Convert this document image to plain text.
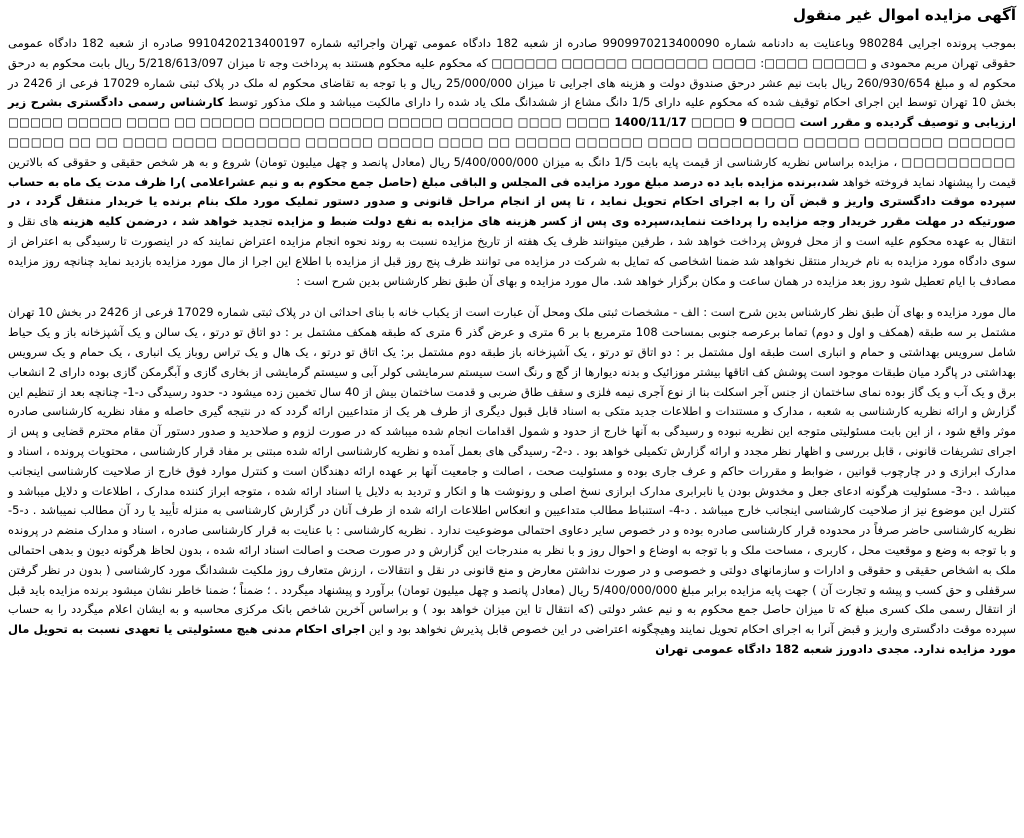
آگهی مزایده اموال غیر منقول
بموجب پرونده اجرایی 980284 وباعنایت به دادنامه شماره 9909970213400090 صادره از شعبه 182 دادگاه عمومی تهران واجرائیه شماره 9910420213400197 صادره از شعبه 182 دادگاه عمومی حقوقی تهران مریم محمودی و □□□□□ □□□□: □□□□ □□□□□□□ □□□□□□ □□□□□□ که محکوم علیه محکوم هستند به پرداخت وجه تا میزان 5/218/613/097 ریال بابت محکوم به درحق محکوم له و مبلغ 260/930/654 ریال بابت نیم عشر درحق صندوق دولت و هزینه های اجرایی تا میزان 25/000/000 ریال و با توجه به تقاضای محکوم له ملک در پلاک ثبتی شماره 17029 فرعی از 2426 در بخش 10 تهران توسط این اجرای احکام توقیف شده که محکوم علیه دارای 1/5 دانگ مشاع از ششدانگ ملک یاد شده را دارای مالکیت میباشد و ملک مذکور توسط کارشناس رسمی دادگستری بشرح زیر ارزیابی و توصیف گردیده و مقرر است □□□□ 9 □□□□ 1400/11/17 □□□□ □□□□ □□□□□□ □□□□□ □□□□□ □□□□□□ □□□□□ □□ □□□□ □□□□□ □□□□□ □□□□□□ □□□□□□□ □□□□□ □□□□□□□□□ □□□□ □□□□□□ □□□□□ □□ □□□□ □□□□□ □□□□□□ □□□□□□□ □□□□ □□□□ □□ □□ □□□□□ □□□□□□□□□□ ، مزایده براساس نظریه کارشناسی از قیمت پایه بابت 1/5 دانگ به میزان 5/400/000/000 ریال (معادل پانصد و چهل میلیون تومان) شروع و به هر شخص حقیقی و حقوقی که بالاترین قیمت را پیشنهاد نماید فروخته خواهد شد،برنده مزایده باید ده درصد مبلغ مورد مزایده فی المجلس و الباقی مبلغ (حاصل جمع محکوم به و نیم عشراعلامی )را ظرف مدت یک ماه به حساب سپرده موقت دادگستری واریز و قبض آن را به اجرای احکام تحویل نماید ، تا پس از انجام مراحل قانونی و صدور دستور تملیک مورد ملک بنام برنده یا خریدار منتقل گردد ، در صورتیکه در مهلت مقرر خریدار وجه مزایده را پرداخت ننماید،سپرده وی پس از کسر هزینه های مزایده به نفع دولت ضبط و مزایده تجدید خواهد شد ، درضمن کلیه هزینه های نقل و انتقال به عهده محکوم علیه است و از محل فروش پرداخت خواهد شد ، طرفین میتوانند ظرف یک هفته از تاریخ مزایده نسبت به روند نحوه انجام مزایده اعتراض نمایند که در اینصورت تا رسیدگی به اعتراض از سوی دادگاه مورد مزایده به نام خریدار منتقل نخواهد شد ضمنا اشخاصی که تمایل به شرکت در مزایده می توانند ظرف پنج روز قبل از مزایده با اطلاع این اجرا از مال مورد مزایده بازدید نماید چنانچه روز مزایده مصادف با ایام تعطیل شود روز بعد مزایده در همان ساعت و مکان برگزار خواهد شد. مال مورد مزایده و بهای آن طبق نظر کارشناس بدین شرح است :
مال مورد مزایده و بهای آن طبق نظر کارشناس بدین شرح است : الف - مشخصات ثبتی ملک ومحل آن عبارت است از یکباب خانه با بنای احداثی ان در پلاک ثبتی شماره 17029 فرعی از 2426 در بخش 10 تهران مشتمل بر سه طبقه (همکف و اول و دوم) تماما برعرصه جنوبی بمساحت 108 مترمربع با بر 6 متری و عرض گذر 6 متری که طبقه همکف مشتمل بر : دو اتاق تو درتو ، یک سالن و یک آشپزخانه باز و یک حیاط شامل سرویس بهداشتی و حمام و انباری است طبقه اول مشتمل بر : دو اتاق تو درتو ، یک آشپزخانه باز طبقه دوم مشتمل بر: یک اتاق تو درتو ، یک هال و یک تراس روباز یک انباری ، یک حمام و یک سرویس بهداشتی در پاگرد میان طبقات موجود است پوشش کف اتاقها بیشتر موزائیک و بدنه دیوارها از گچ و رنگ است سیستم سرمایشی کولر آبی و سیستم گرمایشی از بخاری گازی و آبگرمکن گازی بوده دارای 2 انشعاب برق و یک آب و یک گاز بوده نمای ساختمان از جنس آجر اسکلت بنا از نوع آجری نیمه فلزی و سقف طاق ضربی و قدمت ساختمان بیش از 40 سال تخمین زده میشود د- حدود رسیدگی د-1- چنانچه بعد از تنظیم این گزارش و ارائه نظریه کارشناسی به شعبه ، مدارک و مستندات و اطلاعات جدید متکی به اسناد قابل قبول دیگری از طرف هر یک از متداعیین ارائه گردد که در نتیجه گیری حاصله و مفاد نظریه کارشناسی صادره موثر واقع شود ، از این بابت مسئولیتی متوجه این نظریه نبوده و رسیدگی به آنها خارج از حدود و شمول اقدامات انجام شده میباشد که در صورت لزوم و صلاحدید و صدور دستور آن مقام محترم قضایی و پس از اجرای تشریفات قانونی ، قابل بررسی و اظهار نظر مجدد و ارائه گزارش تکمیلی خواهد بود . د-2- رسیدگی های بعمل آمده و نظریه کارشناسی ارائه شده مبتنی بر مفاد قرار کارشناسی ، محتویات پرونده ، اسناد و مدارک ابرازی و در چارچوب قوانین ، ضوابط و مقررات حاکم و عرف جاری بوده و مسئولیت صحت ، اصالت و جامعیت آنها بر عهده ارائه دهندگان است و کنترل موارد فوق خارج از صلاحیت کارشناسی اینجانب میباشد . د-3- مسئولیت هرگونه ادعای جعل و مخدوش بودن یا نابرابری مدارک ابرازی نسخ اصلی و رونوشت ها و انکار و تردید به دلایل یا اسناد ارائه شده ، متوجه ابراز کننده مدارک ، اطلاعات و دلایل میباشد و کنترل این موضوع نیز از صلاحیت کارشناسی اینجانب خارج میباشد . د-4- استنباط مطالب متداعیین و انعکاس اطلاعات ارائه شده از طرف آنان در گزارش کارشناسی به منزله تأیید یا رد آن مطالب نمیباشد . د-5- نظریه کارشناسی حاضر صرفاً در محدوده قرار کارشناسی صادره بوده و در خصوص سایر دعاوی احتمالی موضوعیت ندارد . نظریه کارشناسی : با عنایت به قرار کارشناسی صادره ، اسناد و مدارک منضم در پرونده و با توجه به وضع و موقعیت محل ، کاربری ، مساحت ملک و با توجه به اوضاع و احوال روز و با نظر به مندرجات این گزارش و در صورت صحت و اصالت اسناد ارائه شده ، بدون لحاظ هرگونه دیون و بدهی احتمالی ملک به اشخاص حقیقی و حقوقی و ادارات و سازمانهای دولتی و خصوصی و در صورت نداشتن معارض و منع قانونی در نقل و انتقالات ، ارزش متعارف روز ملکیت ششدانگ مورد کارشناسی ( بدون در نظر گرفتن سرقفلی و حق کسب و پیشه و تجارت آن ) جهت پایه مزایده برابر مبلغ 5/400/000/000 ریال (معادل پانصد و چهل میلیون تومان) برآورد و پیشنهاد میگردد . ؛ ضمناً ؛ ضمنا خاطر نشان میشود برنده مزایده باید قبل از انتقال رسمی ملک کسری مبلغ که تا میزان حاصل جمع محکوم به و نیم عشر دولتی (که انتقال تا این میزان خواهد بود ) و براساس آخرین شاخص بانک مرکزی محاسبه و به ایشان اعلام میگردد را به حساب سپرده موقت دادگستری واریز و قبض آنرا به اجرای احکام تحویل نمایند وهیچگونه اعتراضی در این خصوص قابل پذیرش نخواهد بود و این اجرای احکام مدنی هیچ مسئولیتی یا تعهدی نسبت به تحویل مال مورد مزایده ندارد. مجدی دادورز شعبه 182 دادگاه عمومی تهران
